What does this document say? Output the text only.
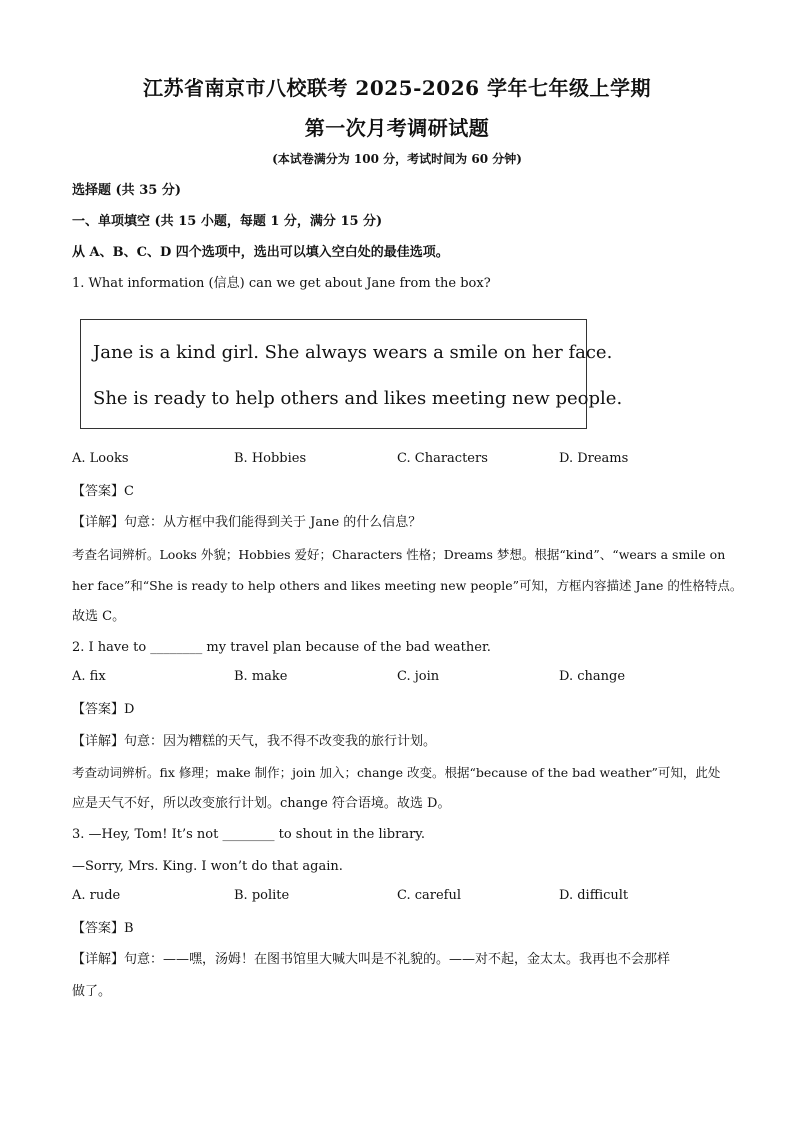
江苏省南京市八校联考 2025-2026 学年七年级上学期
第一次月考调研试题
(本试卷满分为 100 分，考试时间为 60 分钟)
选择题 (共 35 分)
一、单项填空 (共 15 小题，每题 1 分，满分 15 分)
从 A、B、C、D 四个选项中，选出可以填入空白处的最佳选项。
1. What information (信息) can we get about Jane from the box?
Jane is a kind girl. She always wears a smile on her face.
She is ready to help others and likes meeting new people.
A. Looks	B. Hobbies	C. Characters	D. Dreams
【答案】C
【详解】句意：从方框中我们能得到关于 Jane 的什么信息？
考查名词辨析。Looks 外貌；Hobbies 爱好；Characters 性格；Dreams 梦想。根据“kind”、“wears a smile on
her face”和“She is ready to help others and likes meeting new people”可知，方框内容描述 Jane 的性格特点。
故选 C。
2. I have to ________ my travel plan because of the bad weather.
A. fix	B. make	C. join	D. change
【答案】D
【详解】句意：因为糟糕的天气，我不得不改变我的旅行计划。
考查动词辨析。fix 修理；make 制作；join 加入；change 改变。根据“because of the bad weather”可知，此处
应是天气不好，所以改变旅行计划。change 符合语境。故选 D。
3. —Hey, Tom! It’s not ________ to shout in the library.
—Sorry, Mrs. King. I won’t do that again.
A. rude	B. polite	C. careful	D. difficult
【答案】B
【详解】句意：——嘿，汤姆！在图书馆里大喊大叫是不礼貌的。——对不起，金太太。我再也不会那样
做了。
